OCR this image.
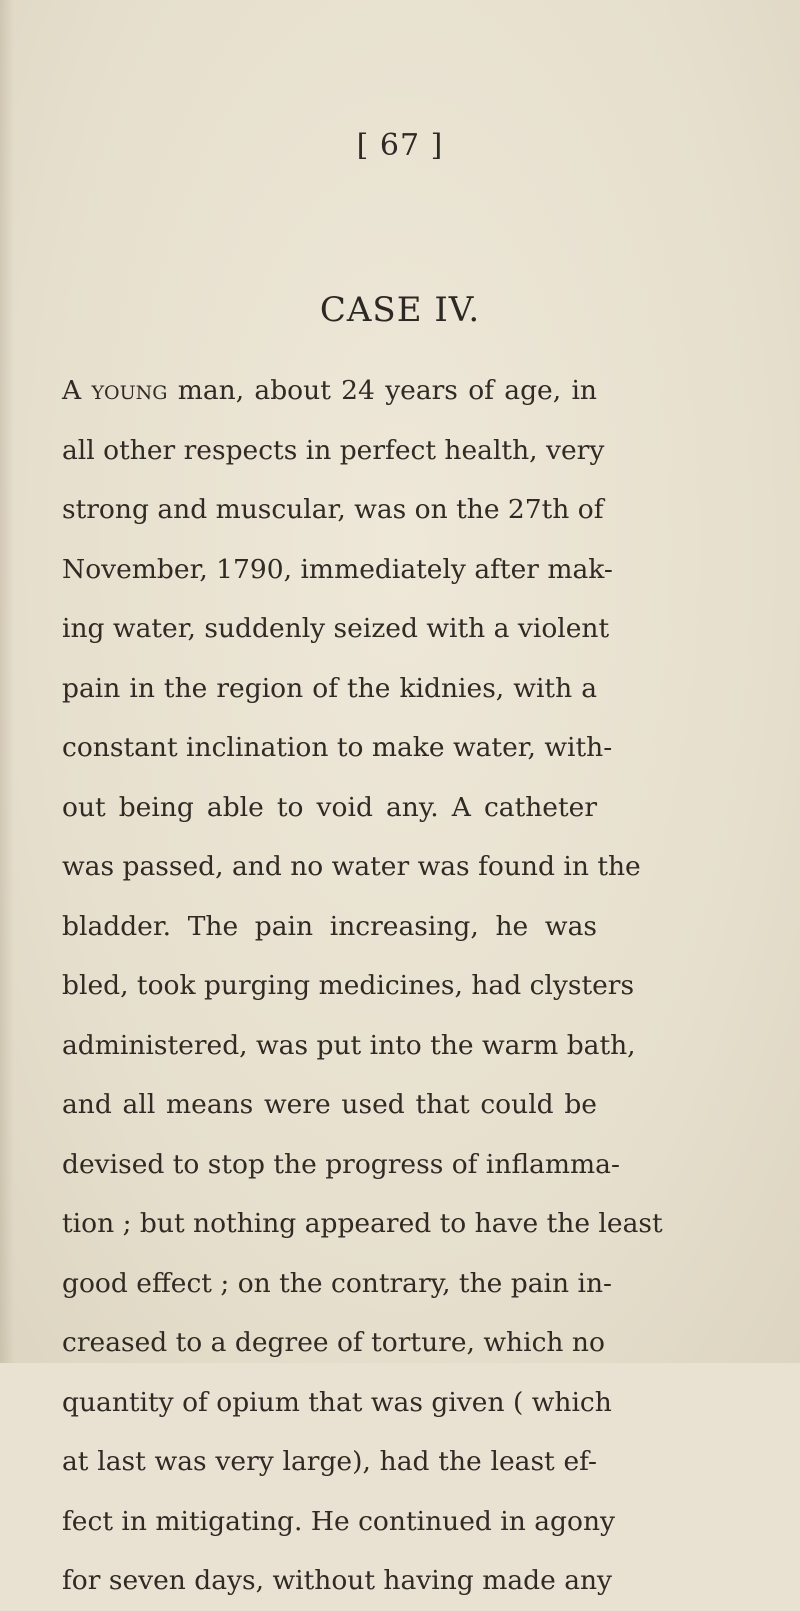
[ 67 ]
CASE IV.
A young man, about 24 years of age, in
all other respects in perfect health, very
strong and muscular, was on the 27th of
November, 1790, immediately after mak-
ing water, suddenly seized with a violent
pain in the region of the kidnies, with a
constant inclination to make water, with-
out being able to void any. A catheter
was passed, and no water was found in the
bladder. The pain increasing, he was
bled, took purging medicines, had clysters
administered, was put into the warm bath,
and all means were used that could be
devised to stop the progress of inflamma-
tion ; but nothing appeared to have the least
good effect ; on the contrary, the pain in-
creased to a degree of torture, which no
quantity of opium that was given ( which
at last was very large), had the least ef-
fect in mitigating. He continued in agony
for seven days, without having made any
